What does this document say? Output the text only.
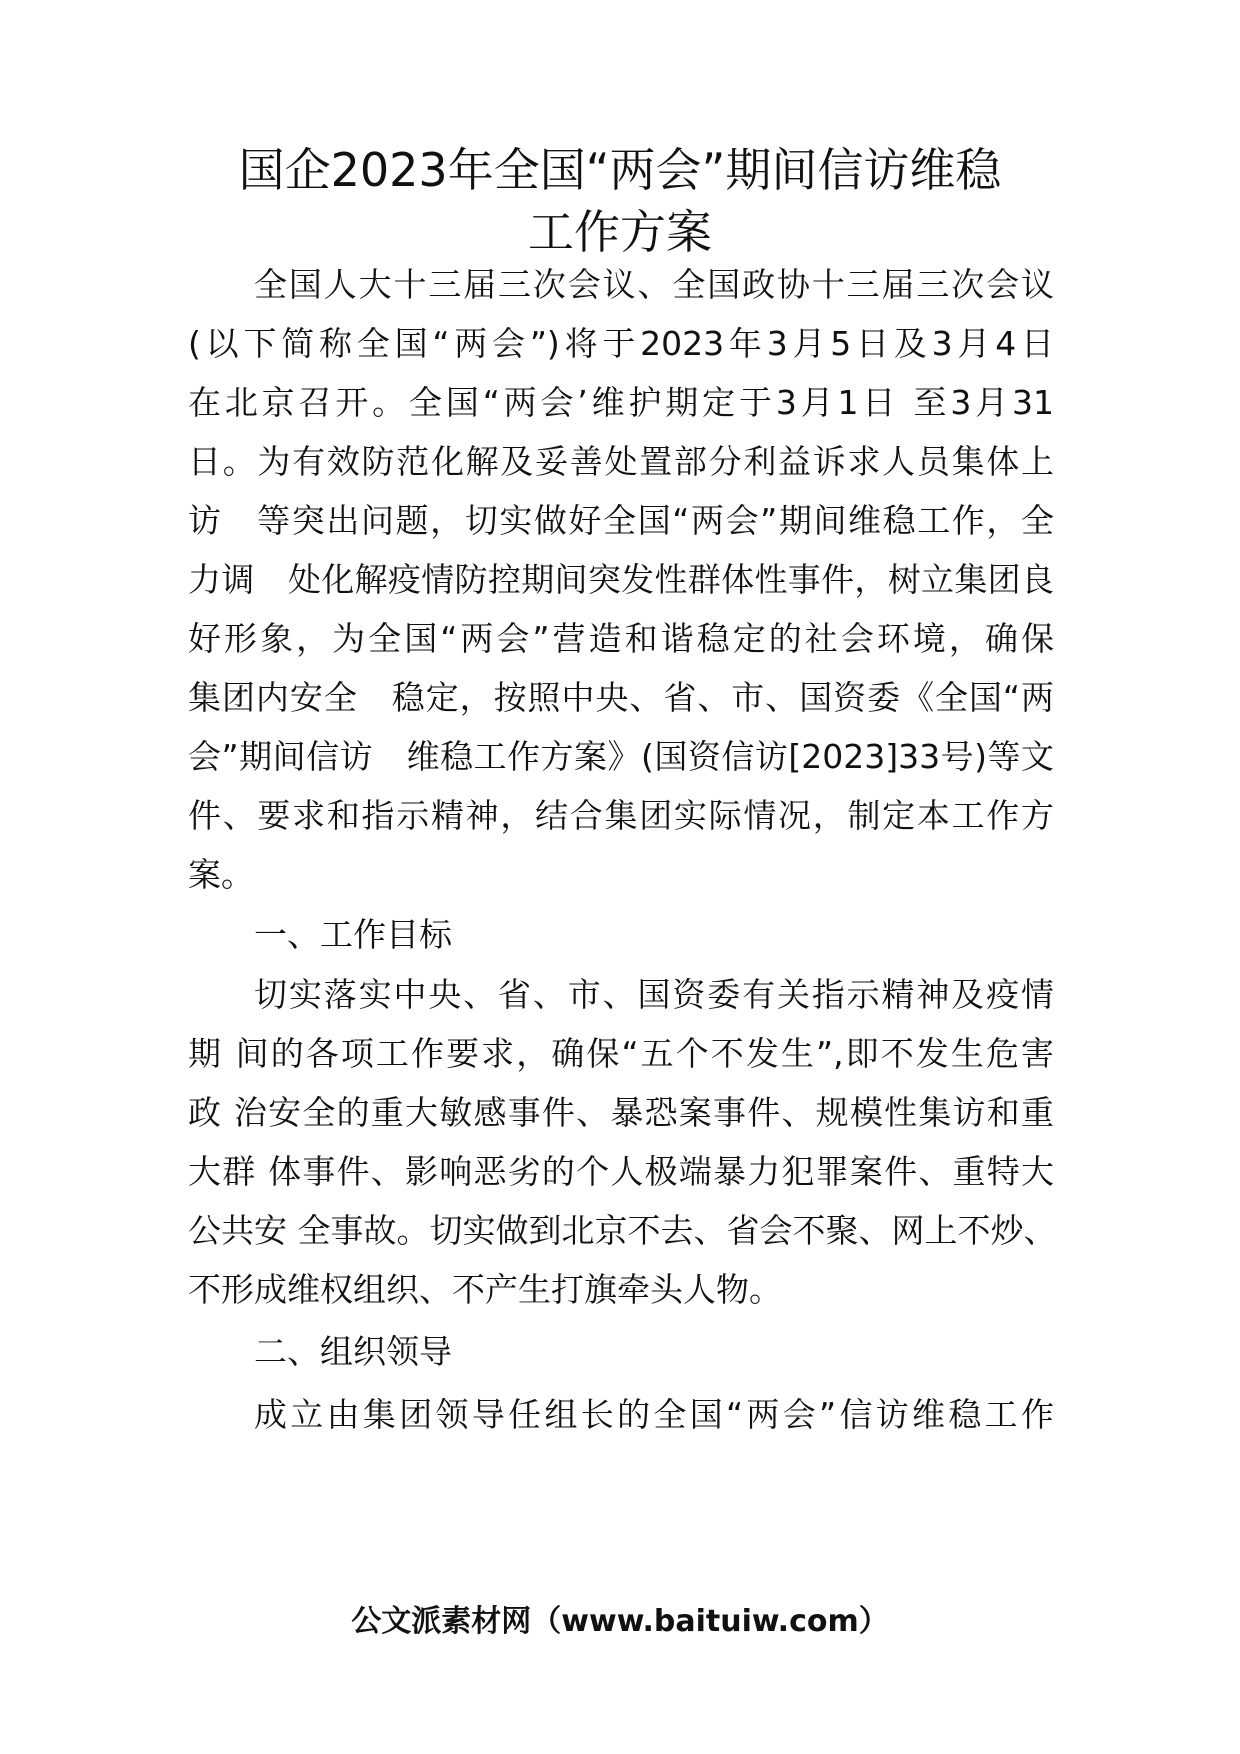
国企2023年全国“两会”期间信访维稳
工作方案
全国人大十三届三次会议、全国政协十三届三次会议
(以下简称全国“两会”)将于2023年3月5日及3月4日
在北京召开。全国“两会’维护期定于3月1日 至3月31
日。为有效防范化解及妥善处置部分利益诉求人员集体上
访　等突出问题，切实做好全国“两会”期间维稳工作，全
力调　处化解疫情防控期间突发性群体性事件，树立集团良
好形象，为全国“两会”营造和谐稳定的社会环境，确保
集团内安全　稳定，按照中央、省、市、国资委《全国“两
会”期间信访　维稳工作方案》(国资信访[2023]33号)等文
件、要求和指示精神，结合集团实际情况，制定本工作方
案。
一、工作目标
切实落实中央、省、市、国资委有关指示精神及疫情
期 间的各项工作要求，确保“五个不发生”,即不发生危害
政 治安全的重大敏感事件、暴恐案事件、规模性集访和重
大群 体事件、影响恶劣的个人极端暴力犯罪案件、重特大
公共安 全事故。切实做到北京不去、省会不聚、网上不炒、
不形成维权组织、不产生打旗牵头人物。
二、组织领导
成立由集团领导任组长的全国“两会”信访维稳工作
公文派素材网（www.baituiw.com）
